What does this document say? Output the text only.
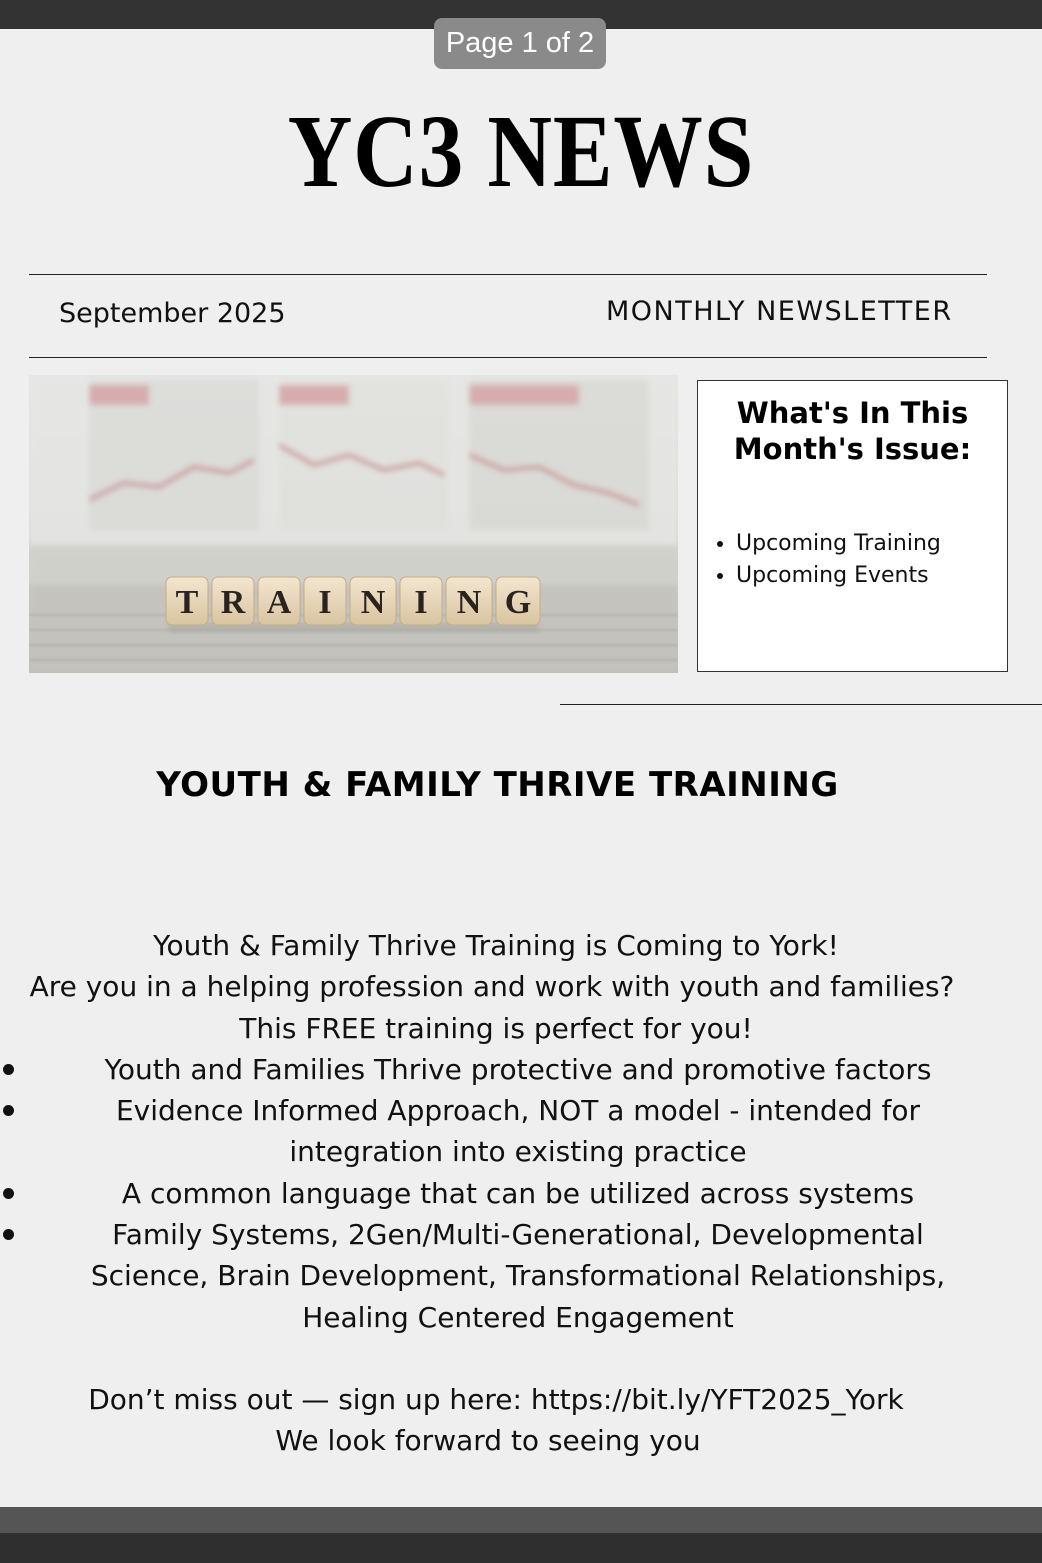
Page 1 of 2
YC3 NEWS
September 2025	MONTHLY NEWSLETTER
T R A I N I N G
What's In This
Month's Issue:
• Upcoming Training
• Upcoming Events
YOUTH & FAMILY THRIVE TRAINING
Youth & Family Thrive Training is Coming to York!
Are you in a helping profession and work with youth and families?
This FREE training is perfect for you!
Youth and Families Thrive protective and promotive factors
Evidence Informed Approach, NOT a model - intended for
integration into existing practice
A common language that can be utilized across systems
Family Systems, 2Gen/Multi-Generational, Developmental
Science, Brain Development, Transformational Relationships,
Healing Centered Engagement
Don’t miss out — sign up here: https://bit.ly/YFT2025_York
We look forward to seeing you
